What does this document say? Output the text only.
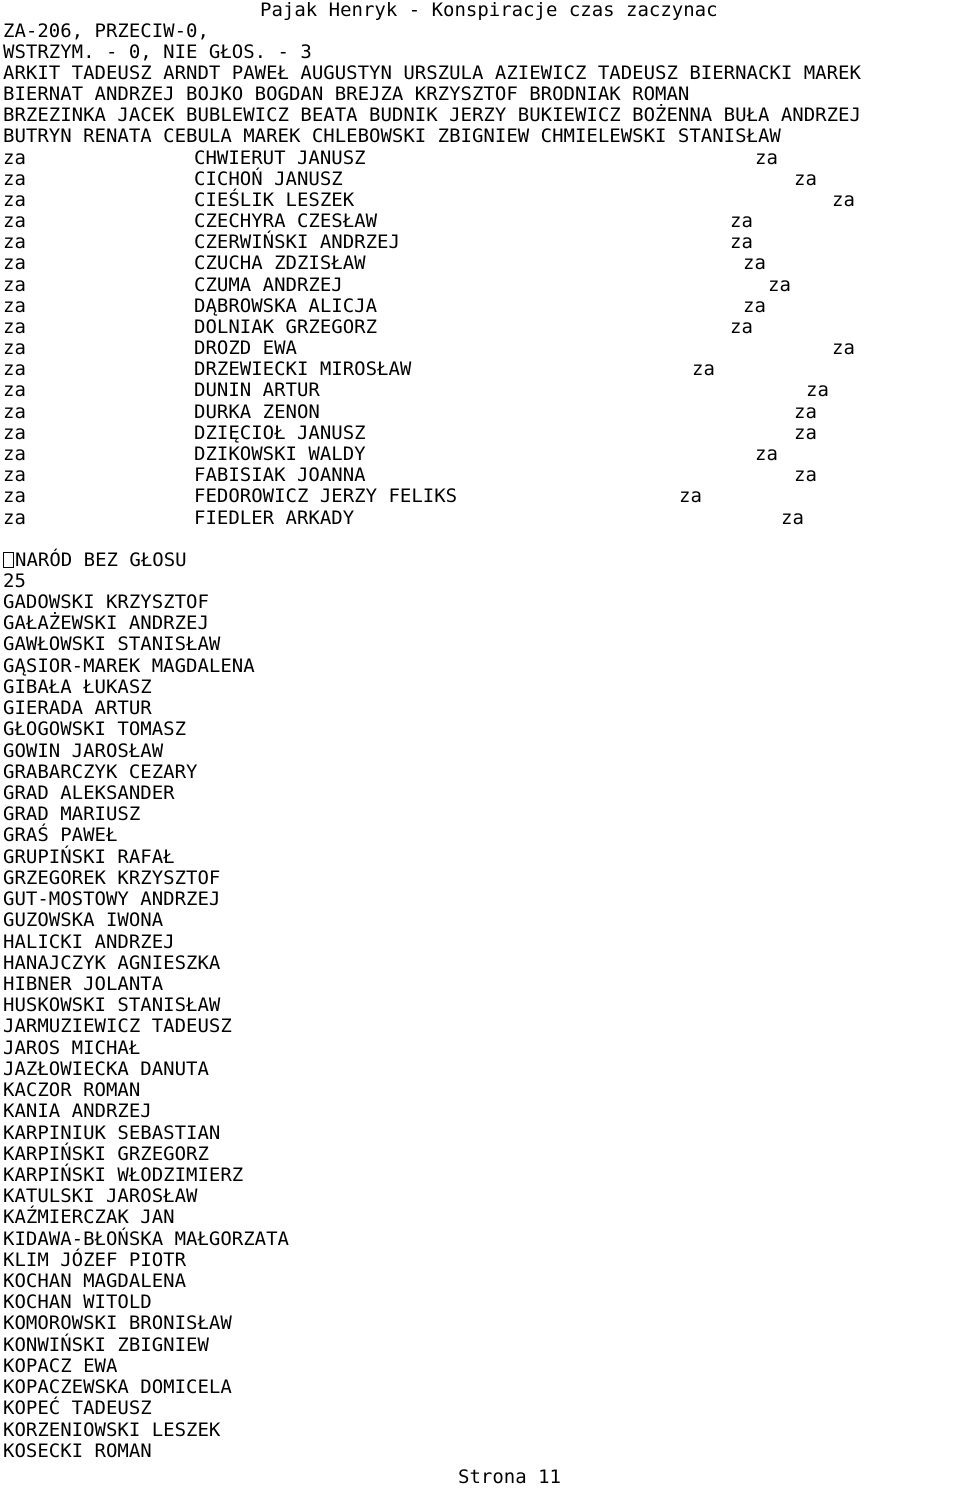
Pajak Henryk - Konspiracje czas zaczynac
ZA-206, PRZECIW-0,
WSTRZYM. - 0, NIE GŁOS. - 3
ARKIT TADEUSZ ARNDT PAWEŁ AUGUSTYN URSZULA AZIEWICZ TADEUSZ BIERNACKI MAREK
BIERNAT ANDRZEJ BOJKO BOGDAN BREJZA KRZYSZTOF BRODNIAK ROMAN
BRZEZINKA JACEK BUBLEWICZ BEATA BUDNIK JERZY BUKIEWICZ BOŻENNA BUŁA ANDRZEJ
BUTRYN RENATA CEBULA MAREK CHLEBOWSKI ZBIGNIEW CHMIELEWSKI STANISŁAW
za	CHWIERUT JANUSZ	za
za	CICHOŃ JANUSZ	za
za	CIEŚLIK LESZEK	za
za	CZECHYRA CZESŁAW	za
za	CZERWIŃSKI ANDRZEJ	za
za	CZUCHA ZDZISŁAW	za
za	CZUMA ANDRZEJ	za
za	DĄBROWSKA ALICJA	za
za	DOLNIAK GRZEGORZ	za
za	DROZD EWA	za
za	DRZEWIECKI MIROSŁAW	za
za	DUNIN ARTUR	za
za	DURKA ZENON	za
za	DZIĘCIOŁ JANUSZ	za
za	DZIKOWSKI WALDY	za
za	FABISIAK JOANNA	za
za	FEDOROWICZ JERZY FELIKS	za
za	FIEDLER ARKADY	za
NARÓD BEZ GŁOSU
25
GADOWSKI KRZYSZTOF
GAŁAŻEWSKI ANDRZEJ
GAWŁOWSKI STANISŁAW
GĄSIOR-MAREK MAGDALENA
GIBAŁA ŁUKASZ
GIERADA ARTUR
GŁOGOWSKI TOMASZ
GOWIN JAROSŁAW
GRABARCZYK CEZARY
GRAD ALEKSANDER
GRAD MARIUSZ
GRAŚ PAWEŁ
GRUPIŃSKI RAFAŁ
GRZEGOREK KRZYSZTOF
GUT-MOSTOWY ANDRZEJ
GUZOWSKA IWONA
HALICKI ANDRZEJ
HANAJCZYK AGNIESZKA
HIBNER JOLANTA
HUSKOWSKI STANISŁAW
JARMUZIEWICZ TADEUSZ
JAROS MICHAŁ
JAZŁOWIECKA DANUTA
KACZOR ROMAN
KANIA ANDRZEJ
KARPINIUK SEBASTIAN
KARPIŃSKI GRZEGORZ
KARPIŃSKI WŁODZIMIERZ
KATULSKI JAROSŁAW
KAŹMIERCZAK JAN
KIDAWA-BŁOŃSKA MAŁGORZATA
KLIM JÓZEF PIOTR
KOCHAN MAGDALENA
KOCHAN WITOLD
KOMOROWSKI BRONISŁAW
KONWIŃSKI ZBIGNIEW
KOPACZ EWA
KOPACZEWSKA DOMICELA
KOPEĆ TADEUSZ
KORZENIOWSKI LESZEK
KOSECKI ROMAN
Strona 11
